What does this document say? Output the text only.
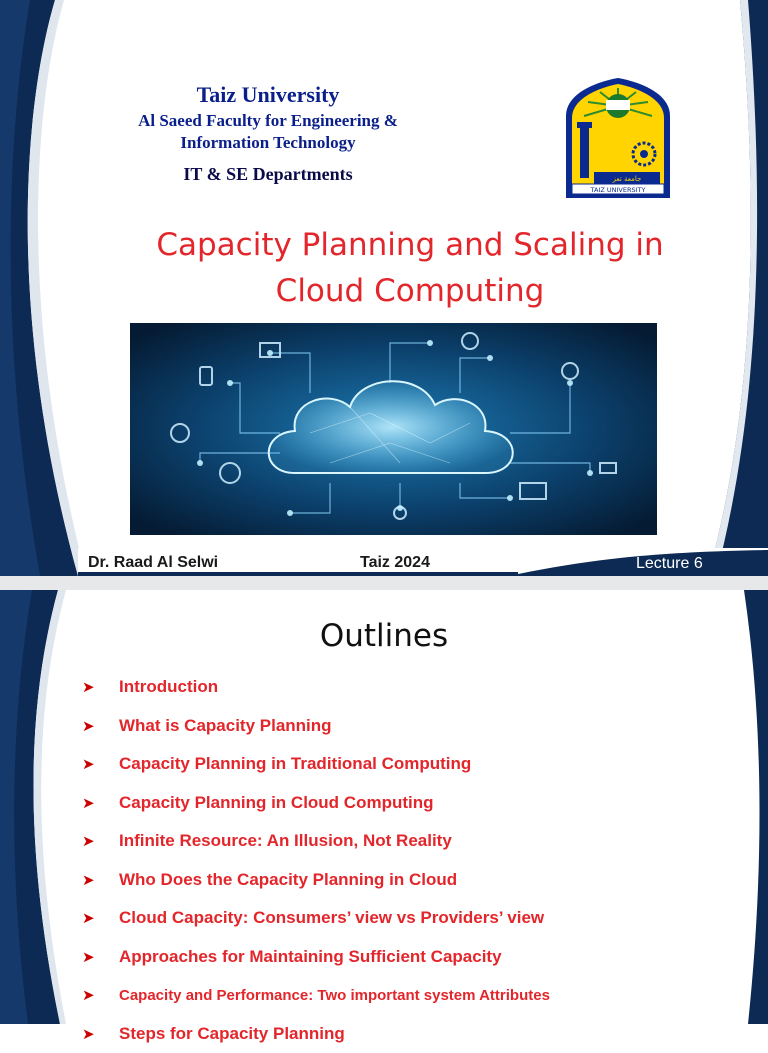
Taiz University
Al Saeed Faculty for Engineering &
Information Technology
IT & SE Departments	جامعة تعز
TAIZ UNIVERSITY
Capacity Planning and Scaling in
Cloud Computing
Dr. Raad Al Selwi	Taiz 2024	Lecture 6
Outlines
➤	Introduction
➤	What is Capacity Planning
➤	Capacity Planning in Traditional Computing
➤	Capacity Planning in Cloud Computing
➤	Infinite Resource: An Illusion, Not Reality
➤	Who Does the Capacity Planning in Cloud
➤	Cloud Capacity: Consumers’ view vs Providers’ view
➤	Approaches for Maintaining Sufficient Capacity
➤	Capacity and Performance: Two important system Attributes
➤	Steps for Capacity Planning
